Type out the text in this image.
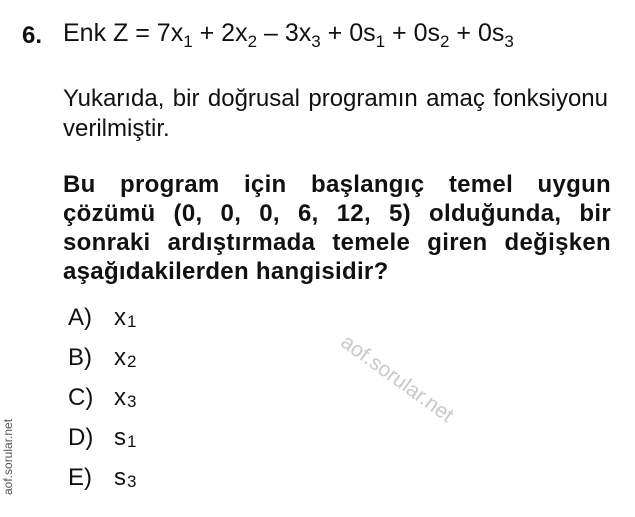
6. Enk $Z = 7x_1 + 2x_2 - 3x_3 + 0s_1 + 0s_2 + 0s_3$
Yukarıda, bir doğrusal programın amaç fonksiyonu verilmiştir.
Bu program için başlangıç temel uygun çözümü (0, 0, 0, 6, 12, 5) olduğunda, bir sonraki ardıştırmada temele giren değişken aşağıdakilerden hangisidir?
A) x 1
B) x 2
C) x 3
D) s 1
E) s 3
aof.sorular.net
aof.sorular.net
